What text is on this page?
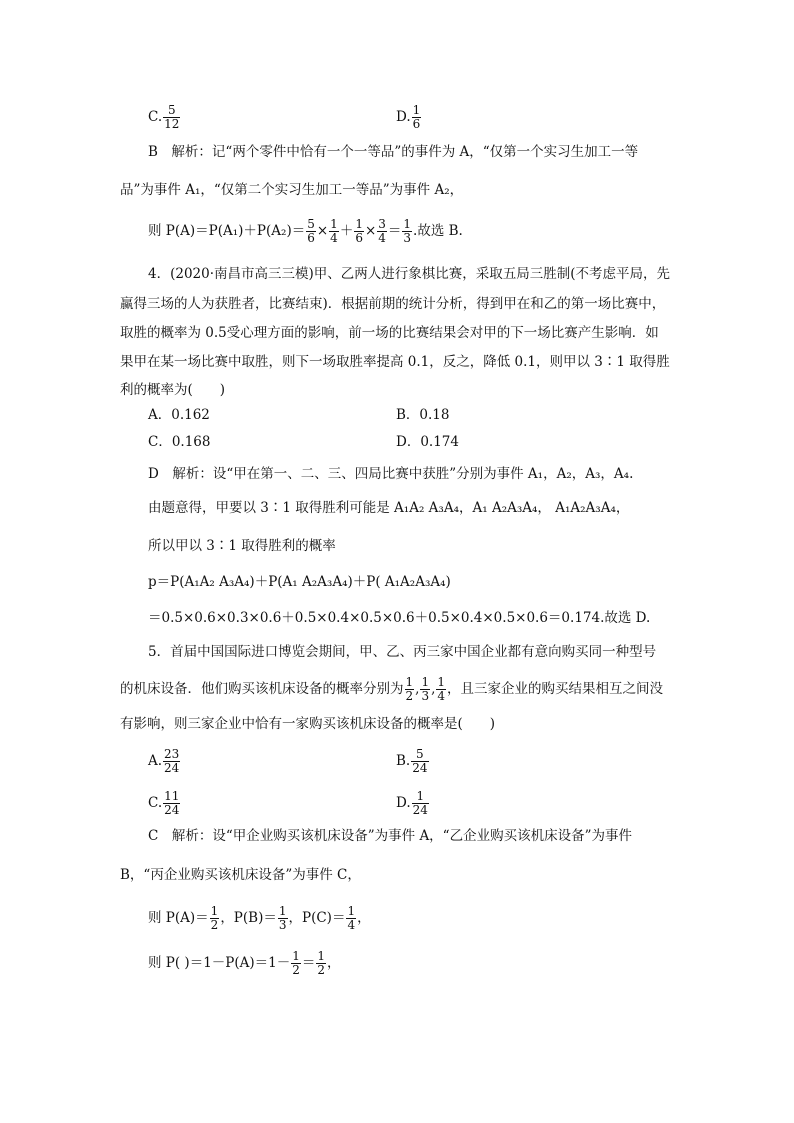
C. $\frac{5}{12}$	D. $\frac{1}{6}$
B　 解析：记“两个零件中恰有一个一等品”的事件为 A，“仅第一个实习生加工一等
品”为事件 A₁，“仅第二个实习生加工一等品”为事件 A₂，
则 $P(A)=P(A_1)+P(A_2)= \frac{5}{6} \times \frac{1}{4} + \frac{1}{6} \times \frac{3}{4} = \frac{1}{3}$ .故选 B.
4．(2020·南昌市高三三模)甲、乙两人进行象棋比赛，采取五局三胜制(不考虑平局，先
赢得三场的人为获胜者，比赛结束)．根据前期的统计分析，得到甲在和乙的第一场比赛中，
取胜的概率为 0.5受心理方面的影响，前一场的比赛结果会对甲的下一场比赛产生影响．如
果甲在某一场比赛中取胜，则下一场取胜率提高 0.1，反之，降低 0.1，则甲以 3∶1 取得胜
利的概率为(　　)
A．0.162	B．0.18
C．0.168	D．0.174
D　 解析：设“甲在第一、二、三、四局比赛中获胜”分别为事件 A₁，A₂，A₃，A₄.
由题意得，甲要以 3∶1 取得胜利可能是 A₁A₂ A₃A₄，A₁ A₂A₃A₄， A₁A₂A₃A₄，
所以甲以 3∶1 取得胜利的概率
p＝P(A₁A₂ A₃A₄)＋P(A₁ A₂A₃A₄)＋P( A₁A₂A₃A₄)
＝0.5×0.6×0.3×0.6＋0.5×0.4×0.5×0.6＋0.5×0.4×0.5×0.6＝0.174.故选 D.
5．首届中国国际进口博览会期间，甲、乙、丙三家中国企业都有意向购买同一种型号
的机床设备．他们购买该机床设备的概率分别为 $\frac{1}{2}$ , $\frac{1}{3}$ , $\frac{1}{4}$ ，且三家企业的购买结果相互之间没
有影响，则三家企业中恰有一家购买该机床设备的概率是(　　)
A. $\frac{23}{24}$	B. $\frac{5}{24}$
C. $\frac{11}{24}$	D. $\frac{1}{24}$
C　 解析：设“甲企业购买该机床设备”为事件 A，“乙企业购买该机床设备”为事件
B，“丙企业购买该机床设备”为事件 C，
则 $P(A)= \frac{1}{2}$ ，$P(B)= \frac{1}{3}$ ，$P(C)= \frac{1}{4}$ ，
则 P( )$=1-P(A)=1- \frac{1}{2} = \frac{1}{2}$ ，
